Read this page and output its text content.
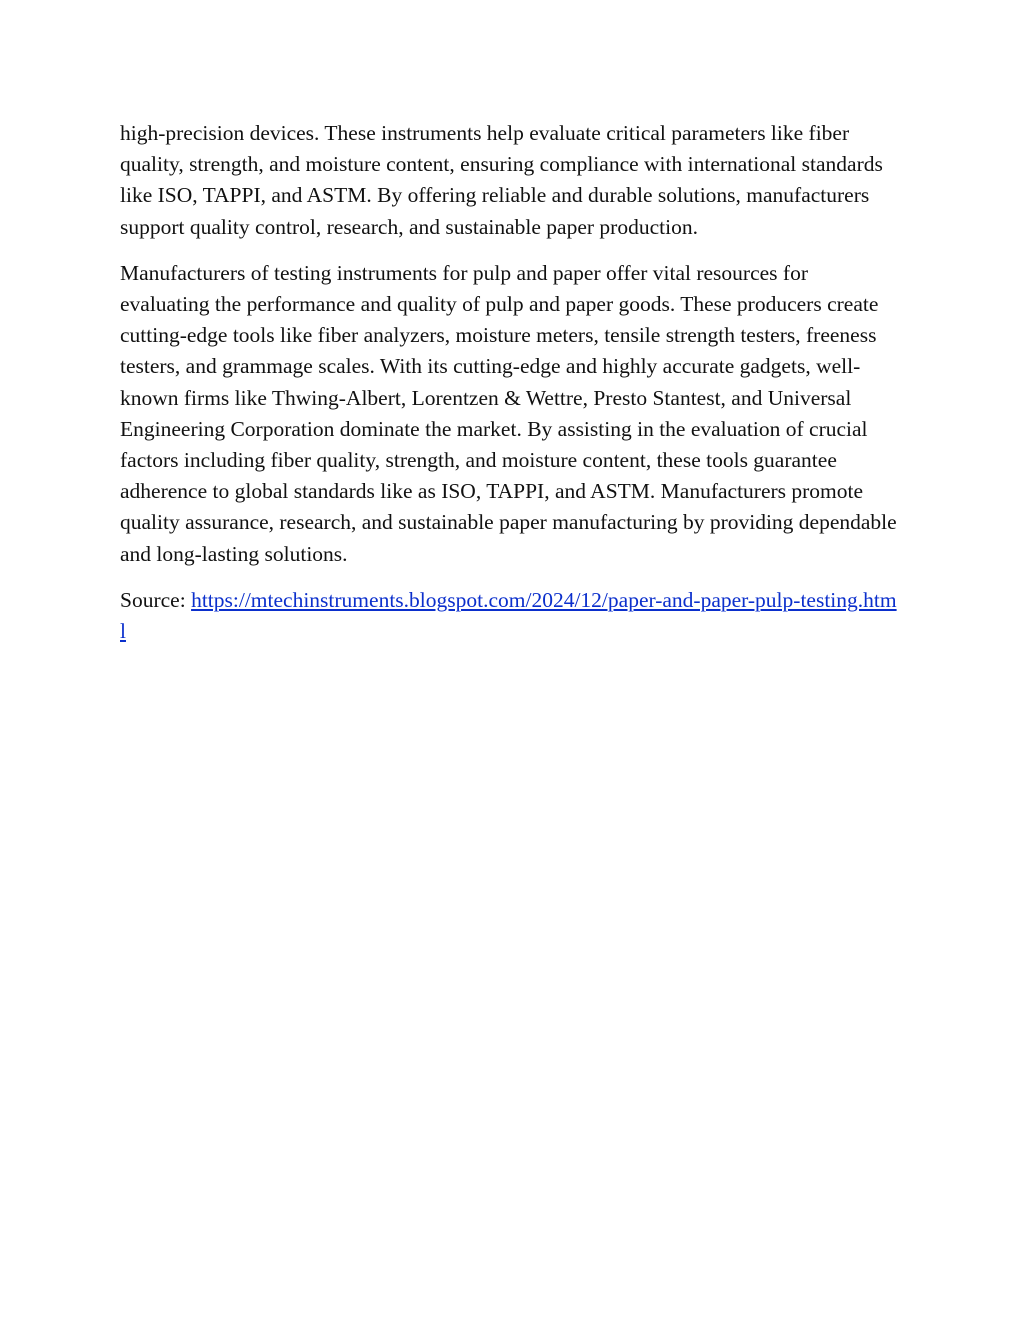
high-precision devices. These instruments help evaluate critical parameters like fiber quality, strength, and moisture content, ensuring compliance with international standards like ISO, TAPPI, and ASTM. By offering reliable and durable solutions, manufacturers support quality control, research, and sustainable paper production.

Manufacturers of testing instruments for pulp and paper offer vital resources for evaluating the performance and quality of pulp and paper goods. These producers create cutting-edge tools like fiber analyzers, moisture meters, tensile strength testers, freeness testers, and grammage scales. With its cutting-edge and highly accurate gadgets, well-known firms like Thwing-Albert, Lorentzen & Wettre, Presto Stantest, and Universal Engineering Corporation dominate the market. By assisting in the evaluation of crucial factors including fiber quality, strength, and moisture content, these tools guarantee adherence to global standards like as ISO, TAPPI, and ASTM. Manufacturers promote quality assurance, research, and sustainable paper manufacturing by providing dependable and long-lasting solutions.

Source: https://mtechinstruments.blogspot.com/2024/12/paper-and-paper-pulp-testing.html
